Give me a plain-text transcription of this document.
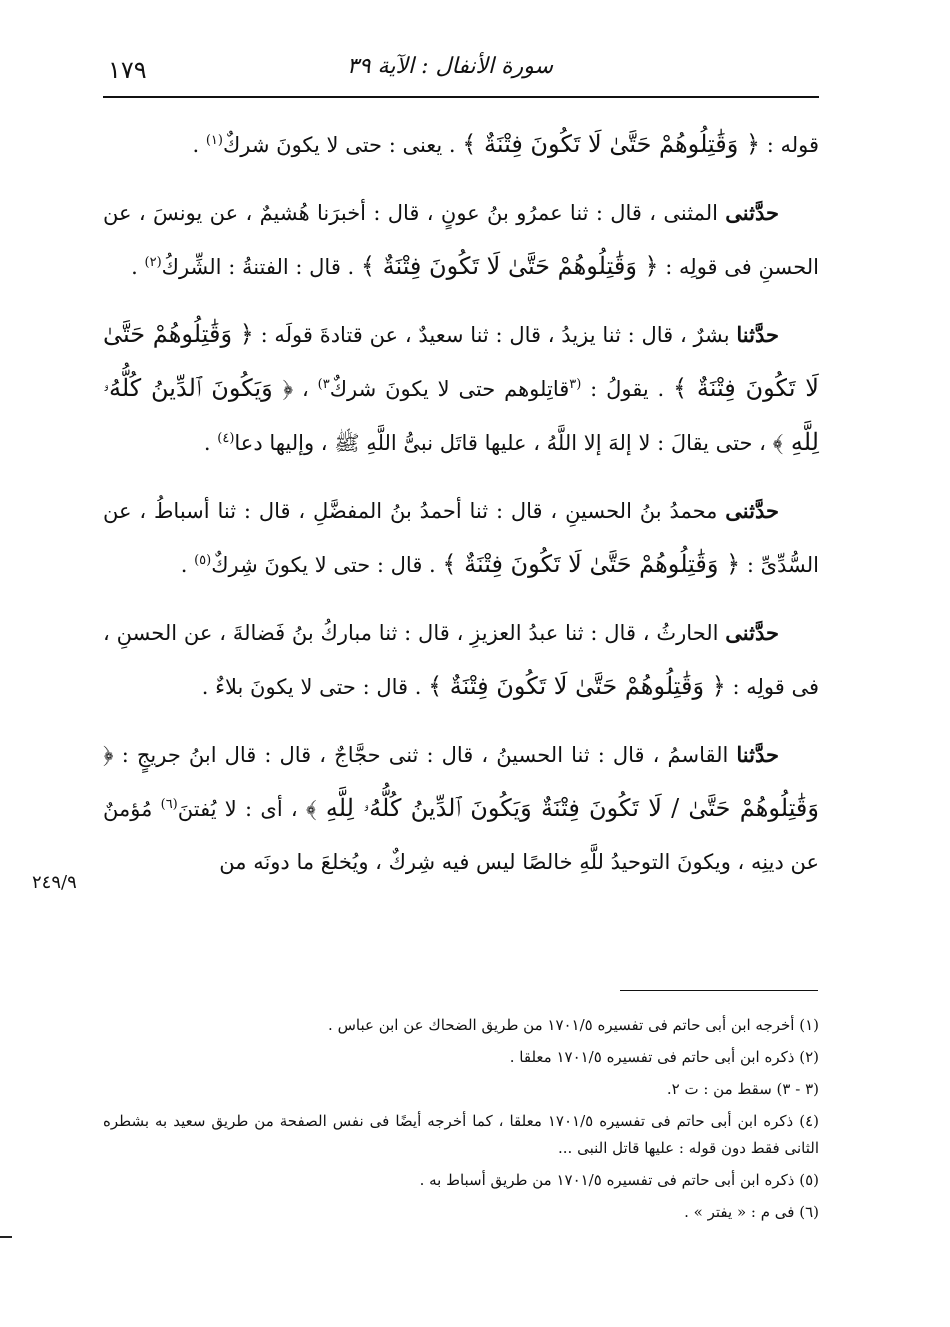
١٧٩	سورة الأنفال : الآية ٣٩

قوله : ﴿ وَقَٰتِلُوهُمْ حَتَّىٰ لَا تَكُونَ فِتْنَةٌ ﴾ . يعنى : حتى لا يكونَ شركٌ$^{(١)}$ .

حدَّثنى المثنى ، قال : ثنا عمرُو بنُ عونٍ ، قال : أخبرَنا هُشيمٌ ، عن يونسَ ، عن الحسنِ فى قولِه : ﴿ وَقَٰتِلُوهُمْ حَتَّىٰ لَا تَكُونَ فِتْنَةٌ ﴾ . قال : الفتنةُ : الشِّركُ$^{(٢)}$ .

حدَّثنا بشرٌ ، قال : ثنا يزيدُ ، قال : ثنا سعيدٌ ، عن قتادةَ قولَه : ﴿ وَقَٰتِلُوهُمْ حَتَّىٰ لَا تَكُونَ فِتْنَةٌ ﴾ . يقولُ : $^{(٣}$قاتِلوهم حتى لا يكونَ شركٌ$^{٣)}$ ، ﴿ وَيَكُونَ ٱلدِّينُ كُلُّهُۥ لِلَّهِ ﴾ ، حتى يقالَ : لا إلهَ إلا اللَّهُ ، عليها قاتَل نبىُّ اللَّهِ ﷺ ، وإليها دعا$^{(٤)}$ .

حدَّثنى محمدُ بنُ الحسينِ ، قال : ثنا أحمدُ بنُ المفضَّلِ ، قال : ثنا أسباطُ ، عن السُّدِّىِّ : ﴿ وَقَٰتِلُوهُمْ حَتَّىٰ لَا تَكُونَ فِتْنَةٌ ﴾ . قال : حتى لا يكونَ شِركٌ$^{(٥)}$ .

حدَّثنى الحارثُ ، قال : ثنا عبدُ العزيزِ ، قال : ثنا مباركُ بنُ فَضالةَ ، عن الحسنِ ، فى قولِه : ﴿ وَقَٰتِلُوهُمْ حَتَّىٰ لَا تَكُونَ فِتْنَةٌ ﴾ . قال : حتى لا يكونَ بلاءٌ .

حدَّثنا القاسمُ ، قال : ثنا الحسينُ ، قال : ثنى حجَّاجٌ ، قال : قال ابنُ جريجٍ : ﴿ وَقَٰتِلُوهُمْ حَتَّىٰ / لَا تَكُونَ فِتْنَةٌ وَيَكُونَ ٱلدِّينُ كُلُّهُۥ لِلَّهِ ﴾ ، أى : لا يُفتنَ$^{(٦)}$ مُؤمنٌ عن دينِه ، ويكونَ التوحيدُ للَّهِ خالصًا ليس فيه شِركٌ ، ويُخلعَ ما دونَه من

٢٤٩/٩

(١) أخرجه ابن أبى حاتم فى تفسيره ١٧٠١/٥ من طريق الضحاك عن ابن عباس .

(٢) ذكره ابن أبى حاتم فى تفسيره ١٧٠١/٥ معلقا .

(٣ - ٣) سقط من : ت ٢.

(٤) ذكره ابن أبى حاتم فى تفسيره ١٧٠١/٥ معلقا ، كما أخرجه أيضًا فى نفس الصفحة من طريق سعيد به بشطره الثانى فقط دون قوله : عليها قاتل النبى ...

(٥) ذكره ابن أبى حاتم فى تفسيره ١٧٠١/٥ من طريق أسباط به .

(٦) فى م : « يفتر » .
